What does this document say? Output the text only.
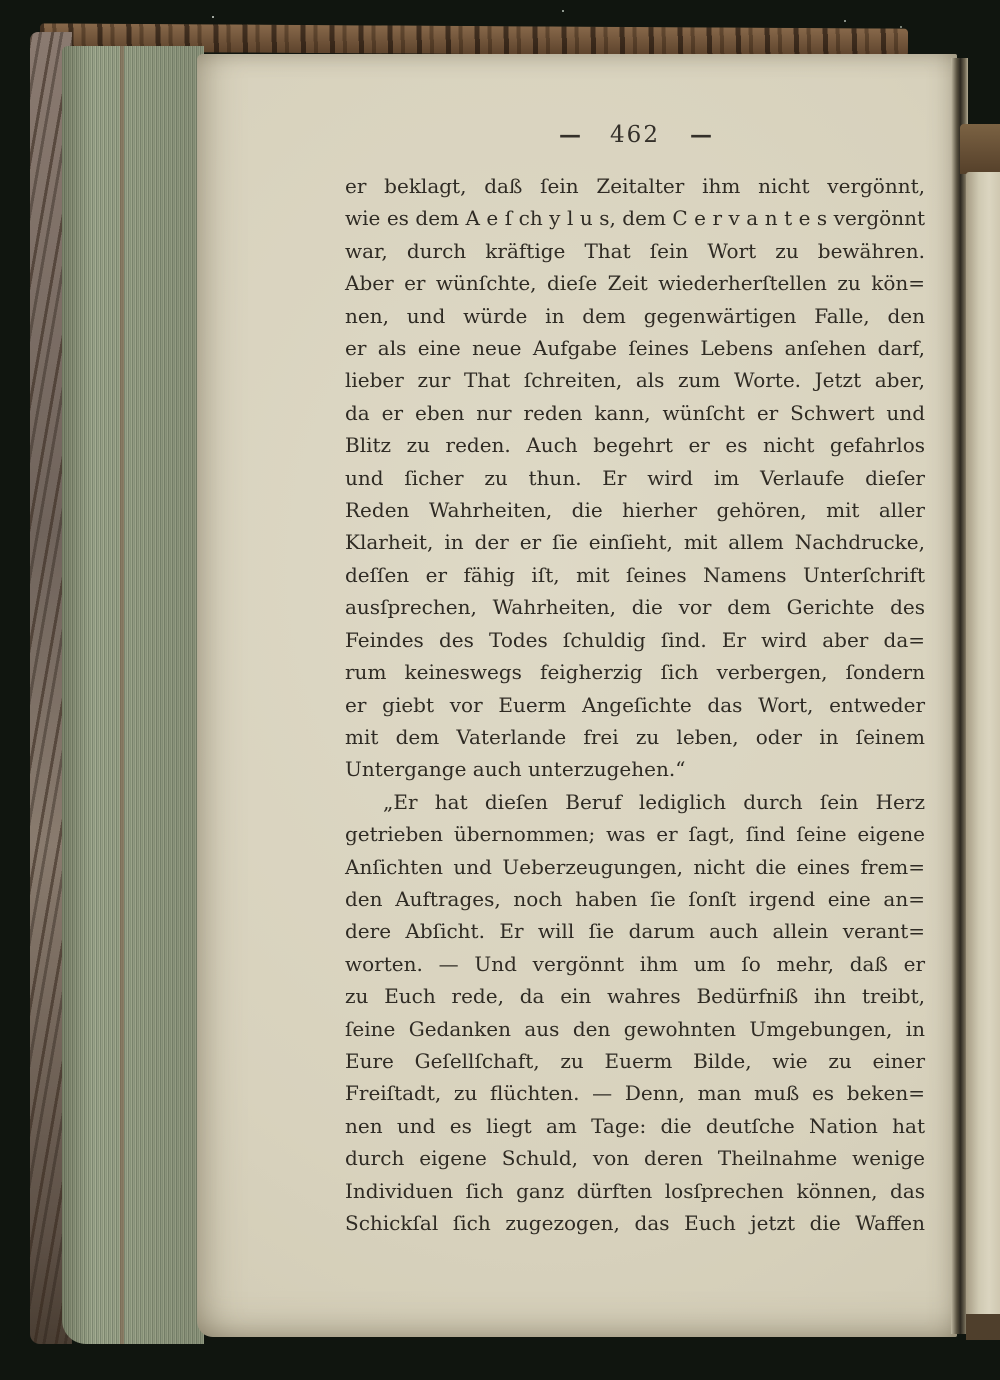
— 462 —
er beklagt, daß ſein Zeitalter ihm nicht vergönnt,
wie es dem A e ſ ch y l u s, dem C e r v a n t e s vergönnt
war, durch kräftige That ſein Wort zu bewähren.
Aber er wünſchte, dieſe Zeit wiederherſtellen zu kön=
nen, und würde in dem gegenwärtigen Falle, den
er als eine neue Aufgabe ſeines Lebens anſehen darf,
lieber zur That ſchreiten, als zum Worte. Jetzt aber,
da er eben nur reden kann, wünſcht er Schwert und
Blitz zu reden. Auch begehrt er es nicht gefahrlos
und ſicher zu thun. Er wird im Verlaufe dieſer
Reden Wahrheiten, die hierher gehören, mit aller
Klarheit, in der er ſie einſieht, mit allem Nachdrucke,
deſſen er fähig iſt, mit ſeines Namens Unterſchrift
ausſprechen, Wahrheiten, die vor dem Gerichte des
Feindes des Todes ſchuldig ſind. Er wird aber da=
rum keineswegs feigherzig ſich verbergen, ſondern
er giebt vor Euerm Angeſichte das Wort, entweder
mit dem Vaterlande frei zu leben, oder in ſeinem
Untergange auch unterzugehen.“
„Er hat dieſen Beruf lediglich durch ſein Herz
getrieben übernommen; was er ſagt, ſind ſeine eigene
Anſichten und Ueberzeugungen, nicht die eines frem=
den Auftrages, noch haben ſie ſonſt irgend eine an=
dere Abſicht. Er will ſie darum auch allein verant=
worten. — Und vergönnt ihm um ſo mehr, daß er
zu Euch rede, da ein wahres Bedürfniß ihn treibt,
ſeine Gedanken aus den gewohnten Umgebungen, in
Eure Geſellſchaft, zu Euerm Bilde, wie zu einer
Freiſtadt, zu flüchten. — Denn, man muß es beken=
nen und es liegt am Tage: die deutſche Nation hat
durch eigene Schuld, von deren Theilnahme wenige
Individuen ſich ganz dürften losſprechen können, das
Schickſal ſich zugezogen, das Euch jetzt die Waffen
